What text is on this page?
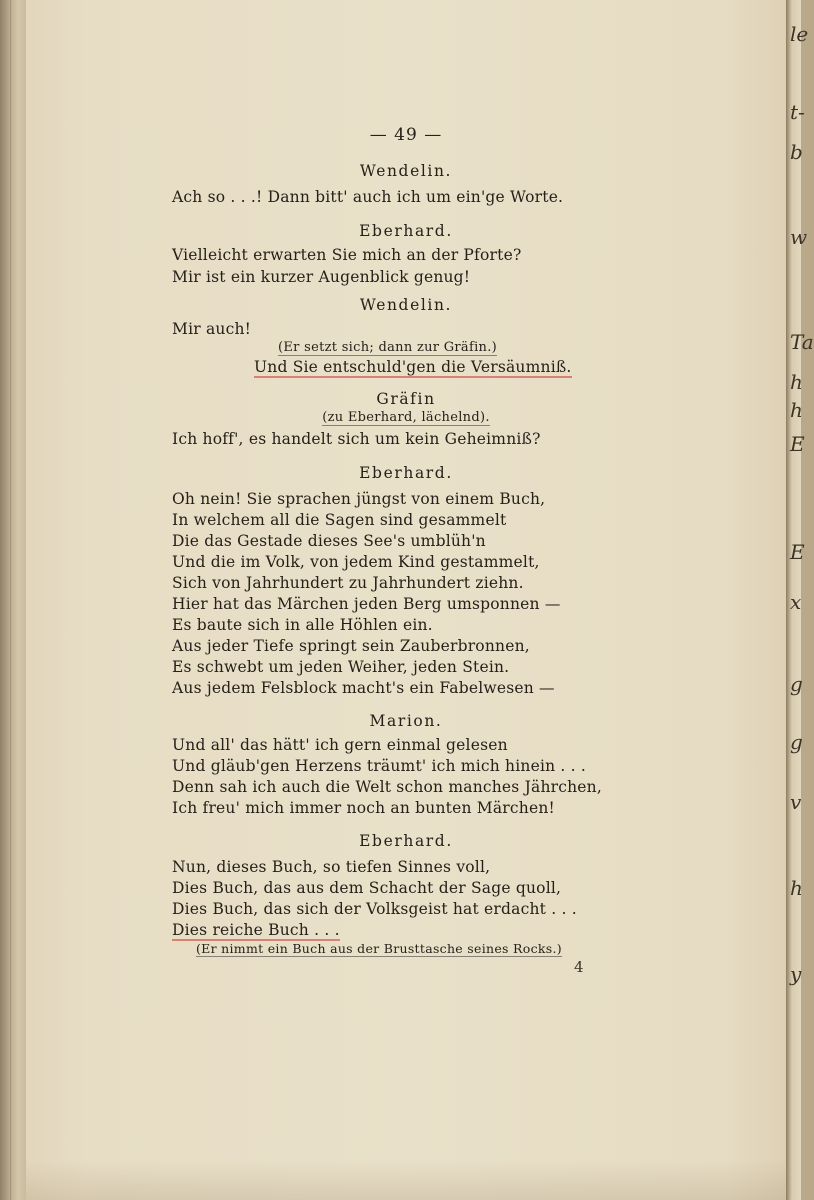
— 49 —
Wendelin.
Ach so . . .! Dann bitt' auch ich um ein'ge Worte.
Eberhard.
Vielleicht erwarten Sie mich an der Pforte?
Mir ist ein kurzer Augenblick genug!
Wendelin.
Mir auch!
(Er setzt sich; dann zur Gräfin.)
Und Sie entschuld'gen die Versäumniß.
Gräfin
(zu Eberhard, lächelnd).
Ich hoff', es handelt sich um kein Geheimniß?
Eberhard.
Oh nein! Sie sprachen jüngst von einem Buch,
In welchem all die Sagen sind gesammelt
Die das Gestade dieses See's umblüh'n
Und die im Volk, von jedem Kind gestammelt,
Sich von Jahrhundert zu Jahrhundert ziehn.
Hier hat das Märchen jeden Berg umsponnen —
Es baute sich in alle Höhlen ein.
Aus jeder Tiefe springt sein Zauberbronnen,
Es schwebt um jeden Weiher, jeden Stein.
Aus jedem Felsblock macht's ein Fabelwesen —
Marion.
Und all' das hätt' ich gern einmal gelesen
Und gläub'gen Herzens träumt' ich mich hinein . . .
Denn sah ich auch die Welt schon manches Jährchen,
Ich freu' mich immer noch an bunten Märchen!
Eberhard.
Nun, dieses Buch, so tiefen Sinnes voll,
Dies Buch, das aus dem Schacht der Sage quoll,
Dies Buch, das sich der Volksgeist hat erdacht . . .
Dies reiche Buch . . .
(Er nimmt ein Buch aus der Brusttasche seines Rocks.)
4
le
t-
b
w
Ta
h
h
E
E
x
g
g
v
h
y
